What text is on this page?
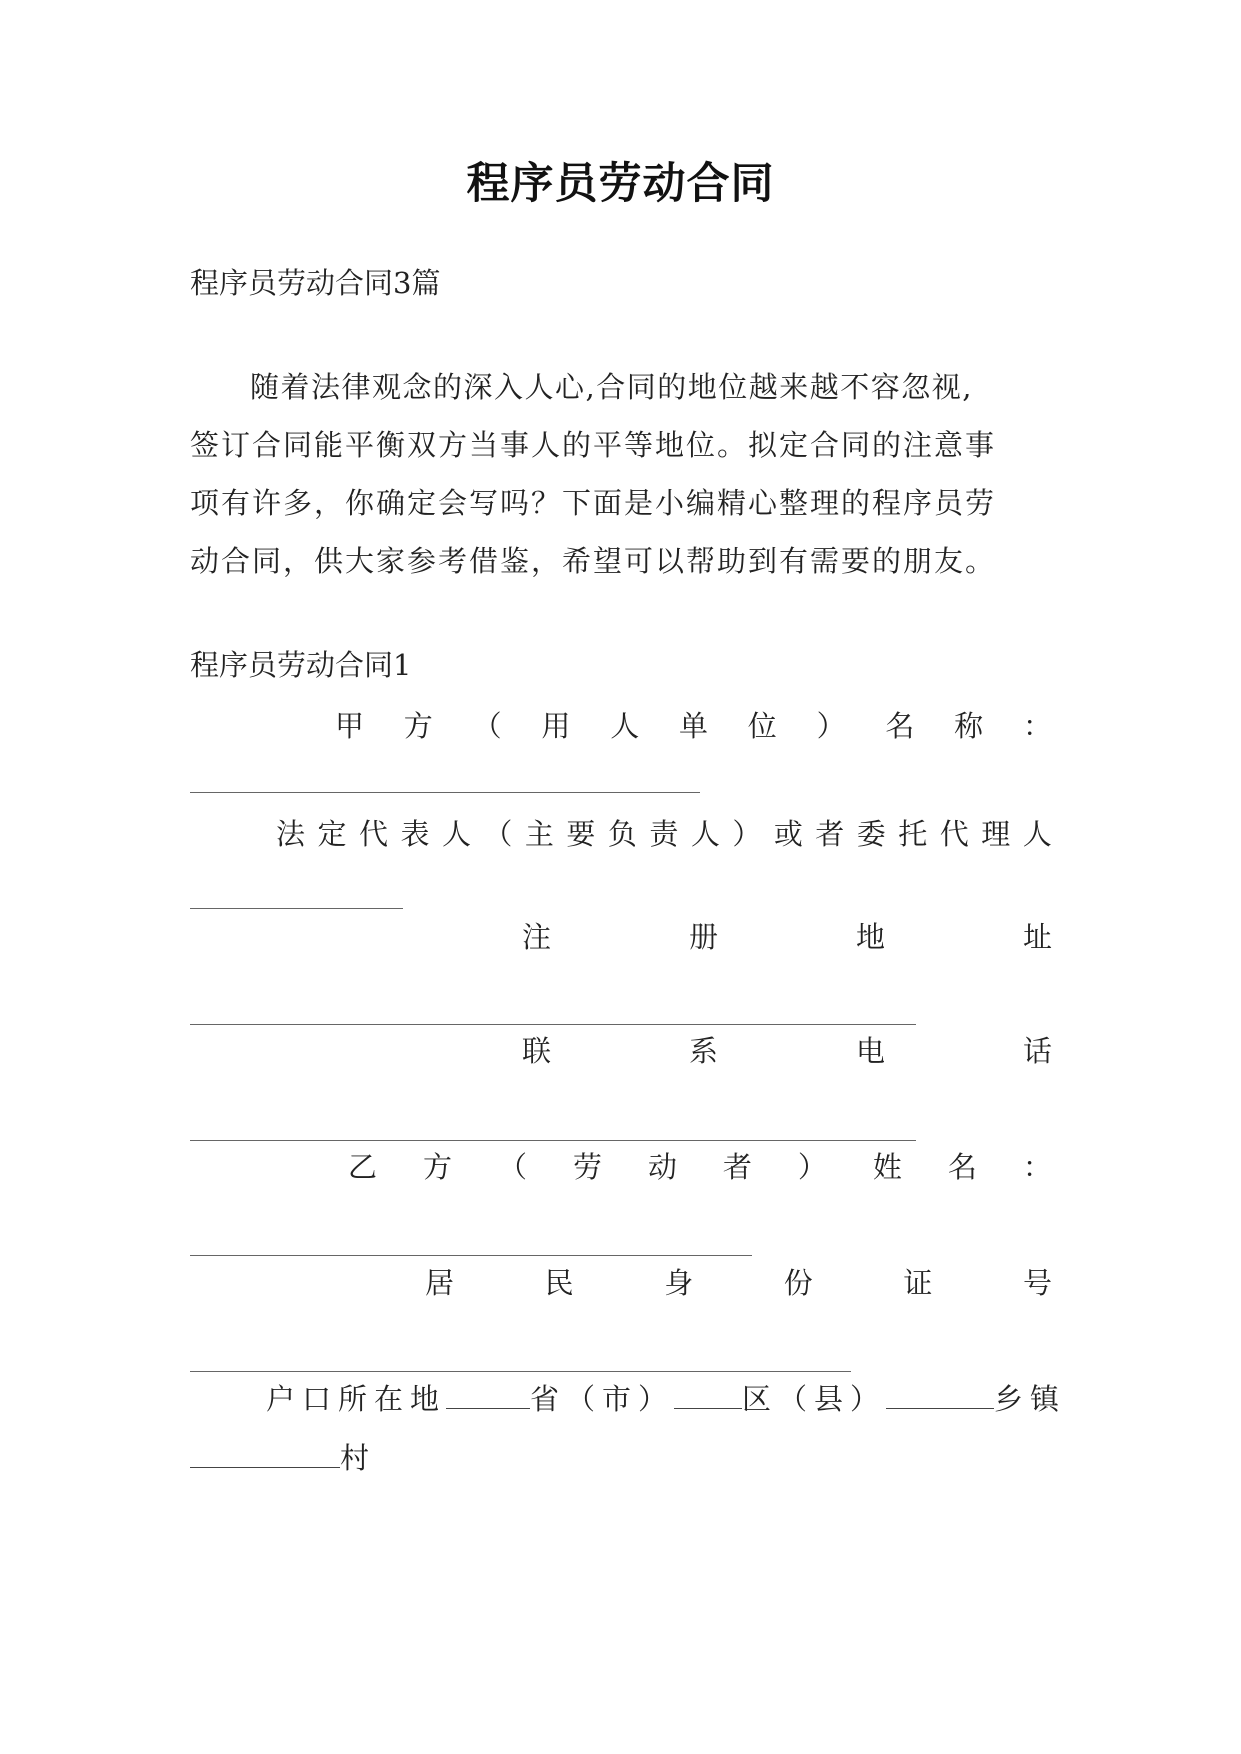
程序员劳动合同

程序员劳动合同3篇

随着法律观念的深入人心,合同的地位越来越不容忽视,

签订合同能平衡双方当事人的平等地位。拟定合同的注意事

项有许多，你确定会写吗？下面是小编精心整理的程序员劳

动合同，供大家参考借鉴，希望可以帮助到有需要的朋友。

程序员劳动合同1

甲 方 （ 用 人 单 位 ） 名 称 ：

法 定 代 表 人 （ 主 要 负 责 人 ） 或 者 委 托 代 理 人

注	册	地	址

联	系	电	话

乙 方 （ 劳 动 者 ） 姓 名 ：

居	民	身	份	证	号

户口所在地	省（市） 区（县）	乡镇

村
